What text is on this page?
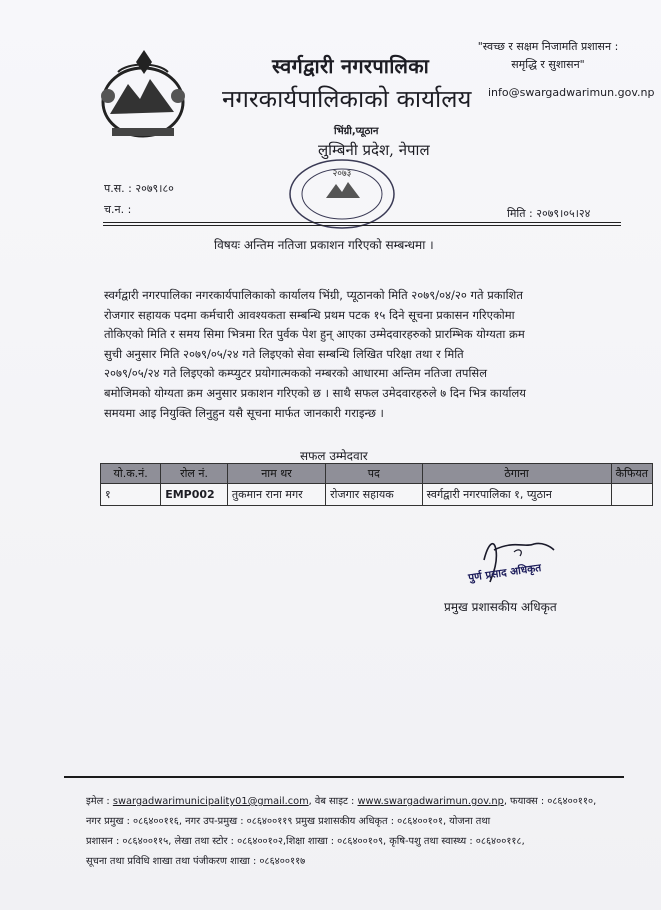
स्वर्गद्वारी नगरपालिका
नगरकार्यपालिकाको कार्यालय
"स्वच्छ र सक्षम निजामति प्रशासन :
समृद्धि र सुशासन"
info@swargadwarimun.gov.np
भिंग्री,प्यूठान
लुम्बिनी प्रदेश, नेपाल
२०७३
प.स. : २०७९।८०
च.न. :	मिति : २०७९।०५।२४
विषयः अन्तिम नतिजा प्रकाशन गरिएको सम्बन्धमा ।
स्वर्गद्वारी नगरपालिका नगरकार्यपालिकाको कार्यालय भिंग्री, प्यूठानको मिति २०७९/०४/२० गते प्रकाशित
रोजगार सहायक पदमा कर्मचारी आवश्यकता सम्बन्धि प्रथम पटक १५ दिने सूचना प्रकासन गरिएकोमा
तोकिएको मिति र समय सिमा भित्रमा रित पुर्वक पेश हुन् आएका उम्मेदवारहरुको प्रारम्भिक योग्यता क्रम
सुची अनुसार मिति २०७९/०५/२४ गते लिइएको सेवा सम्बन्धि लिखित परिक्षा तथा र मिति
२०७९/०५/२४ गते लिइएको कम्प्युटर प्रयोगात्मकको नम्बरको आधारमा अन्तिम नतिजा तपसिल
बमोजिमको योग्यता क्रम अनुसार प्रकाशन गरिएको छ । साथै सफल उमेदवारहरुले ७ दिन भित्र कार्यालय
समयमा आइ नियुक्ति लिनुहुन यसै सूचना मार्फत जानकारी गराइन्छ ।
सफल उम्मेदवार
यो.क.नं.	रोल नं.	नाम थर	पद	ठेगाना	कैफियत
१	EMP002	तुकमान राना मगर	रोजगार सहायक	स्वर्गद्वारी नगरपालिका १, प्युठान	
पुर्ण प्रसाद अधिकृत
प्रमुख प्रशासकीय अधिकृत
इमेल : swargadwarimunicipality01@gmail.com, वेब साइट : www.swargadwarimun.gov.np, फयाक्स : ०८६४००११०,
नगर प्रमुख : ०८६४००११६, नगर उप-प्रमुख : ०८६४००११९ प्रमुख प्रशासकीय अधिकृत : ०८६४००१०१, योजना तथा
प्रशासन : ०८६४००११५, लेखा तथा स्टोर : ०८६४००१०२,शिक्षा शाखा : ०८६४००१०९, कृषि-पशु तथा स्वास्थ्य : ०८६४००११८,
सूचना तथा प्रविधि शाखा तथा पंजीकरण शाखा : ०८६४००११७
